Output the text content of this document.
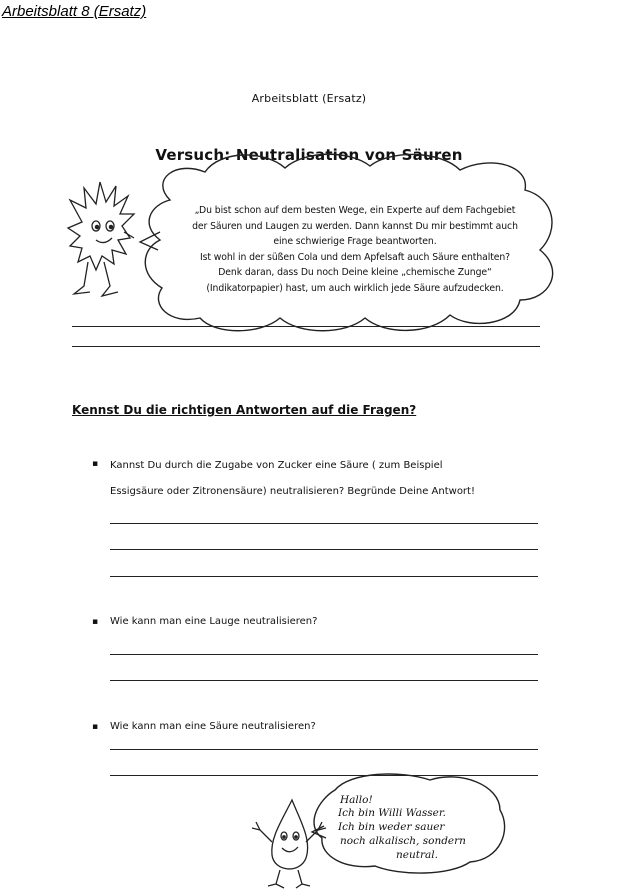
Arbeitsblatt 8 (Ersatz)
Arbeitsblatt (Ersatz)
Versuch: Neutralisation von Säuren
„Du bist schon auf dem besten Wege, ein Experte auf dem Fachgebiet
der Säuren und Laugen zu werden. Dann kannst Du mir bestimmt auch
eine schwierige Frage beantworten.
Ist wohl in der süßen Cola und dem Apfelsaft auch Säure enthalten?
Denk daran, dass Du noch Deine kleine „chemische Zunge“
(Indikatorpapier) hast, um auch wirklich jede Säure aufzudecken.
Kennst Du die richtigen Antworten auf die Fragen?
▪ Kannst Du durch die Zugabe von Zucker eine Säure ( zum Beispiel
Essigsäure oder Zitronensäure) neutralisieren? Begründe Deine Antwort!
▪ Wie kann man eine Lauge neutralisieren?
▪ Wie kann man eine Säure neutralisieren?
Hallo!
Ich bin Willi Wasser.
Ich bin weder sauer
noch alkalisch, sondern
neutral.
